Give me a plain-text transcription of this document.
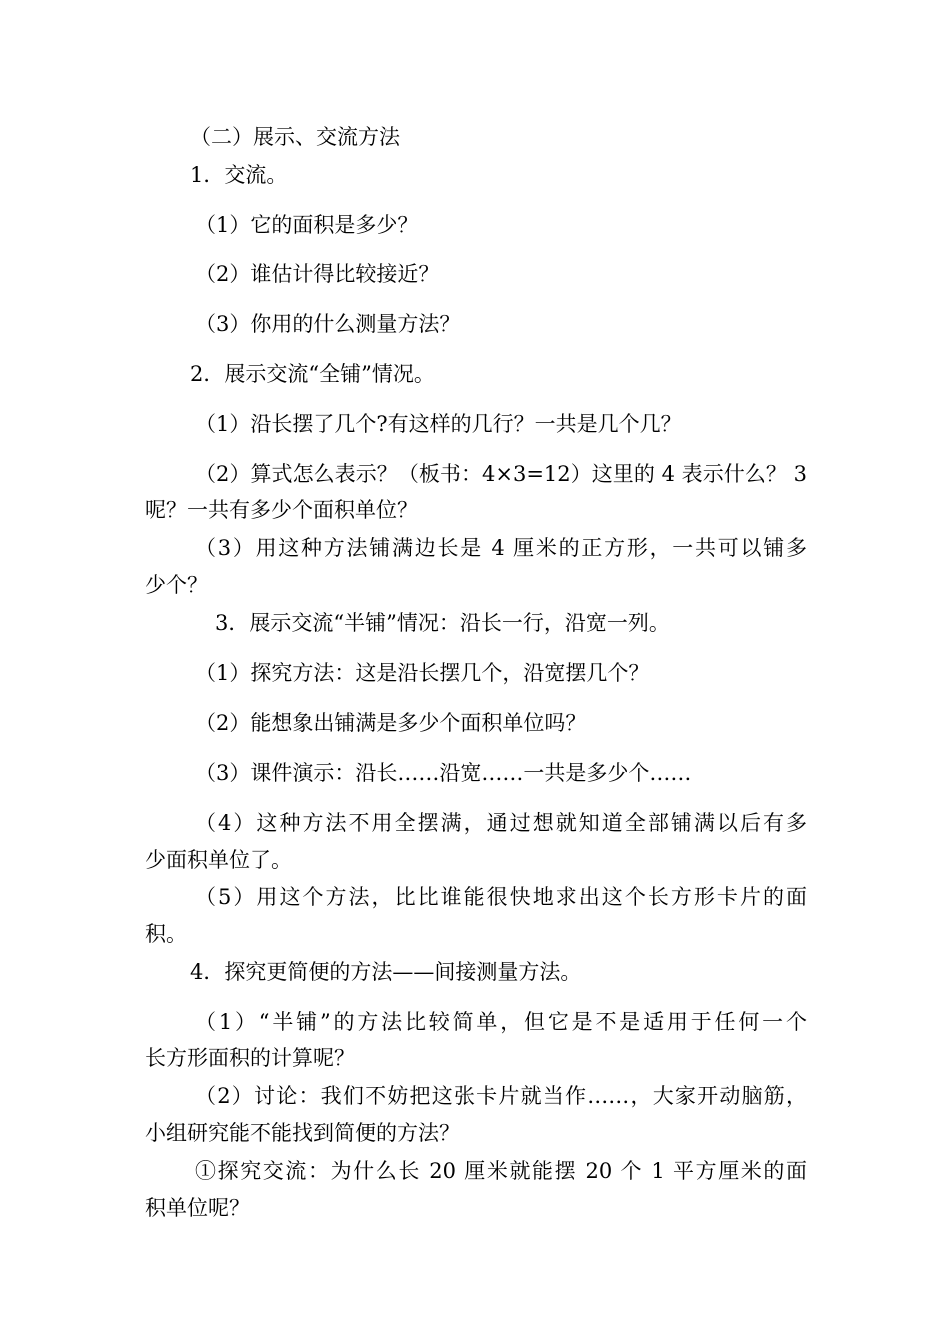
（二）展示、交流方法

1．交流。

（1）它的面积是多少？

（2）谁估计得比较接近？

（3）你用的什么测量方法？

2．展示交流“全铺”情况。

（1）沿长摆了几个?有这样的几行？一共是几个几？

（2）算式怎么表示？（板书：4×3=12）这里的 4 表示什么？ 3

呢？一共有多少个面积单位？

（3）用这种方法铺满边长是 4 厘米的正方形，一共可以铺多

少个？

3．展示交流“半铺”情况：沿长一行，沿宽一列。

（1）探究方法：这是沿长摆几个，沿宽摆几个？

（2）能想象出铺满是多少个面积单位吗？

（3）课件演示：沿长……沿宽……一共是多少个……

（4）这种方法不用全摆满，通过想就知道全部铺满以后有多

少面积单位了。

（5）用这个方法，比比谁能很快地求出这个长方形卡片的面

积。

4．探究更简便的方法——间接测量方法。

（1）“半铺”的方法比较简单，但它是不是适用于任何一个

长方形面积的计算呢？

（2）讨论：我们不妨把这张卡片就当作……，大家开动脑筋，

小组研究能不能找到简便的方法？

①探究交流：为什么长 20 厘米就能摆 20 个 1 平方厘米的面

积单位呢？
